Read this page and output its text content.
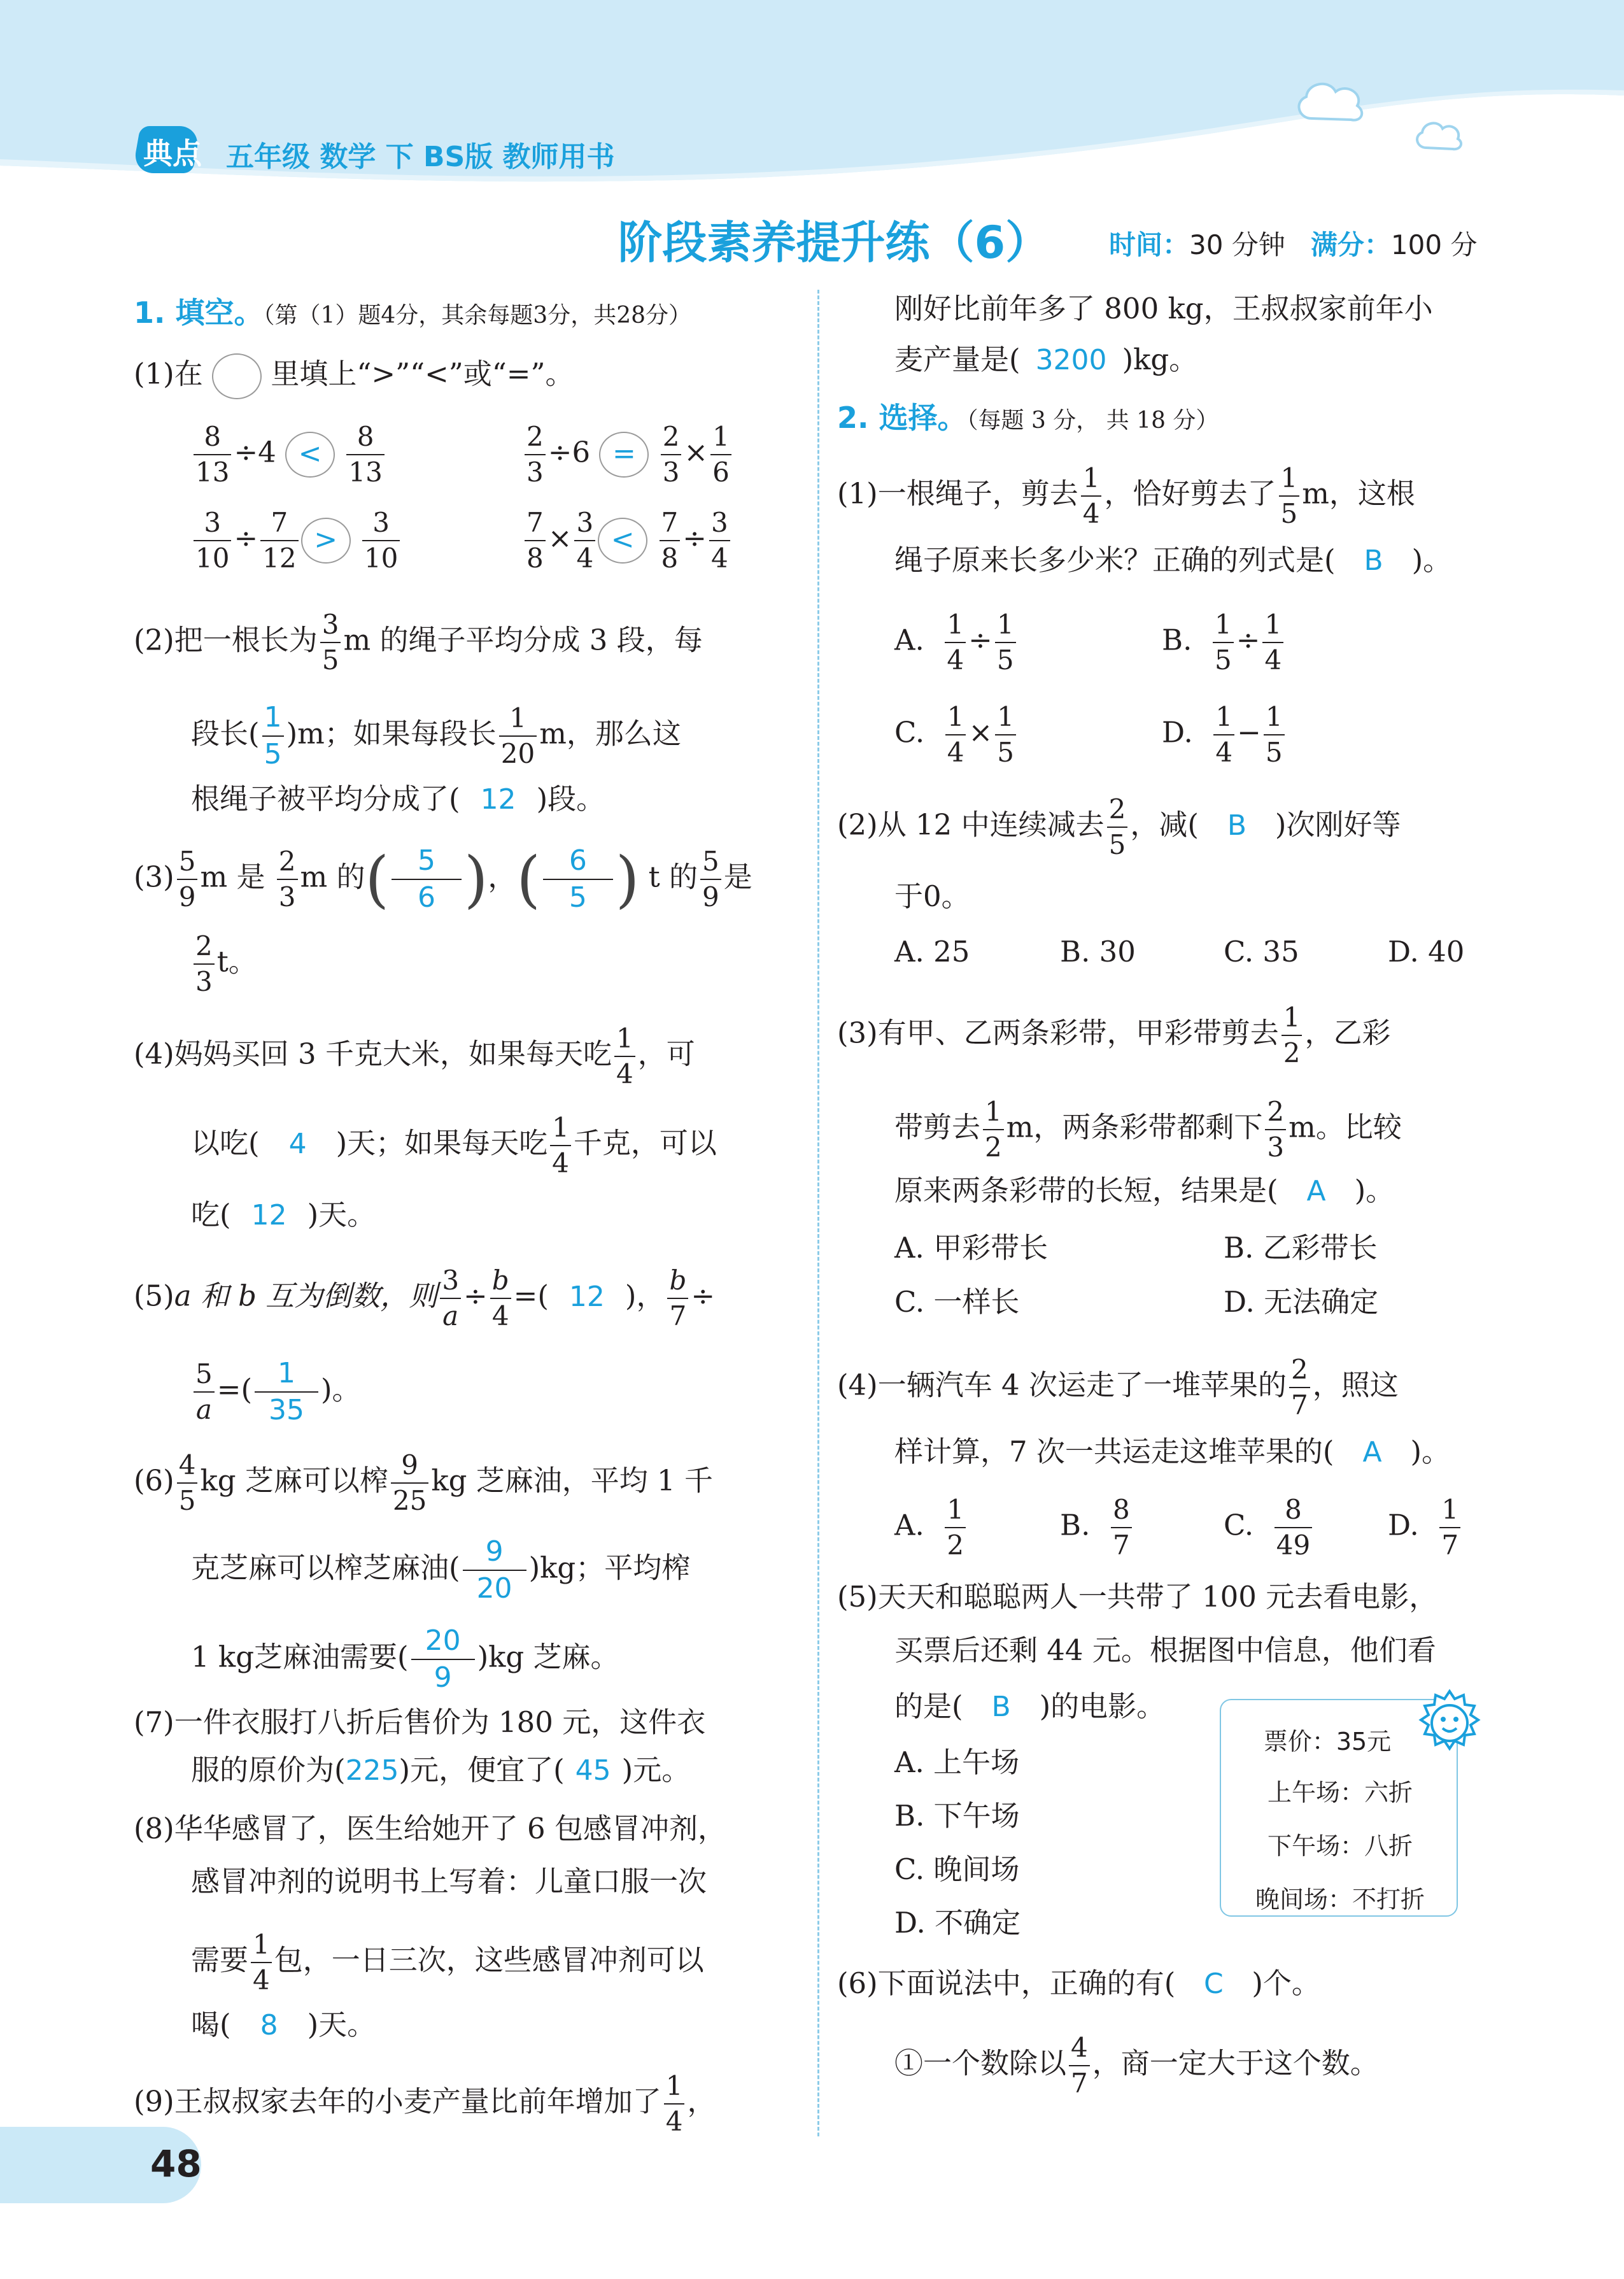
典点 五年级 数学 下 BS版 教师用书
阶段素养提升练（6）	时间：30 分钟 满分：100 分
1. 填空。（第（1）题4分，其余每题3分，共28分）
(1)在 里填上“>”“<”或“=”。
$\frac{8}{13} \div 4 < \frac{8}{13}$	$\frac{2}{3} \div 6 = \frac{2}{3} \times \frac{1}{6}$
$\frac{3}{10} \div \frac{7}{12} > \frac{3}{10}$	$\frac{7}{8} \times \frac{3}{4} < \frac{7}{8} \div \frac{3}{4}$
(2)把一根长为 $\frac{3}{5}$ m 的绳子平均分成 3 段，每
段长( $\frac{1}{5} )m$；如果每段长 $\frac{1}{20}$ m，那么这
根绳子被平均分成了( 12 )段。
$(3) \frac{5}{9}$ m 是 $\frac{2}{3}$ m 的( $\frac{5}{6}$ )，( $\frac{6}{5}$ ) t 的 $\frac{5}{9}$ 是
$\frac{2}{3}$ t。
(4)妈妈买回 3 千克大米，如果每天吃 $\frac{1}{4}$ ，可
以吃( 4 )天；如果每天吃 $\frac{1}{4}$ 千克，可以
吃( 12 )天。
(5)a 和 b 互为倒数，则 $\frac{3}{a} \div \frac{b}{4}$ =( 12 )， $\frac{b}{7}$ ÷
$\frac{5}{a}$ =( $\frac{1}{35}$ )。
$(6) \frac{4}{5}$ kg 芝麻可以榨 $\frac{9}{25}$ kg 芝麻油，平均 1 千
克芝麻可以榨芝麻油( $\frac{9}{20} )kg$；平均榨
1 kg芝麻油需要( $\frac{20}{9} )kg$ 芝麻。
(7)一件衣服打八折后售价为 180 元，这件衣
服的原价为(225)元，便宜了( 45 )元。
(8)华华感冒了，医生给她开了 6 包感冒冲剂，
感冒冲剂的说明书上写着：儿童口服一次
需要 $\frac{1}{4}$ 包，一日三次，这些感冒冲剂可以
喝( 8 )天。
(9)王叔叔家去年的小麦产量比前年增加了 $\frac{1}{4}$ ，
刚好比前年多了 800 kg，王叔叔家前年小
麦产量是( 3200 )kg。
2. 选择。（每题 3 分， 共 18 分）
(1)一根绳子，剪去 $\frac{1}{4}$ ，恰好剪去了 $\frac{1}{5}$ m，这根
绳子原来长多少米？正确的列式是( B )。
A. $\frac{1}{4} \div \frac{1}{5}$	B. $\frac{1}{5} \div \frac{1}{4}$
C. $\frac{1}{4} \times \frac{1}{5}$	D. $\frac{1}{4} - \frac{1}{5}$
(2)从 12 中连续减去 $\frac{2}{5}$ ，减( B )次刚好等
于0。
A. 25	B. 30	C. 35	D. 40
(3)有甲、乙两条彩带，甲彩带剪去 $\frac{1}{2}$ ，乙彩
带剪去 $\frac{1}{2}$ m，两条彩带都剩下 $\frac{2}{3}$ m。比较
原来两条彩带的长短，结果是( A )。
A. 甲彩带长	B. 乙彩带长
C. 一样长	D. 无法确定
(4)一辆汽车 4 次运走了一堆苹果的 $\frac{2}{7}$ ，照这
样计算，7 次一共运走这堆苹果的( A )。
A. $\frac{1}{2}$	B. $\frac{8}{7}$	C. $\frac{8}{49}$	D. $\frac{1}{7}$
(5)天天和聪聪两人一共带了 100 元去看电影，
买票后还剩 44 元。根据图中信息，他们看
的是( B )的电影。
A. 上午场
B. 下午场
C. 晚间场
D. 不确定
票价：35元
上午场：六折
下午场：八折
晚间场：不打折
(6)下面说法中，正确的有( C )个。
①一个数除以 $\frac{4}{7}$ ，商一定大于这个数。
48
